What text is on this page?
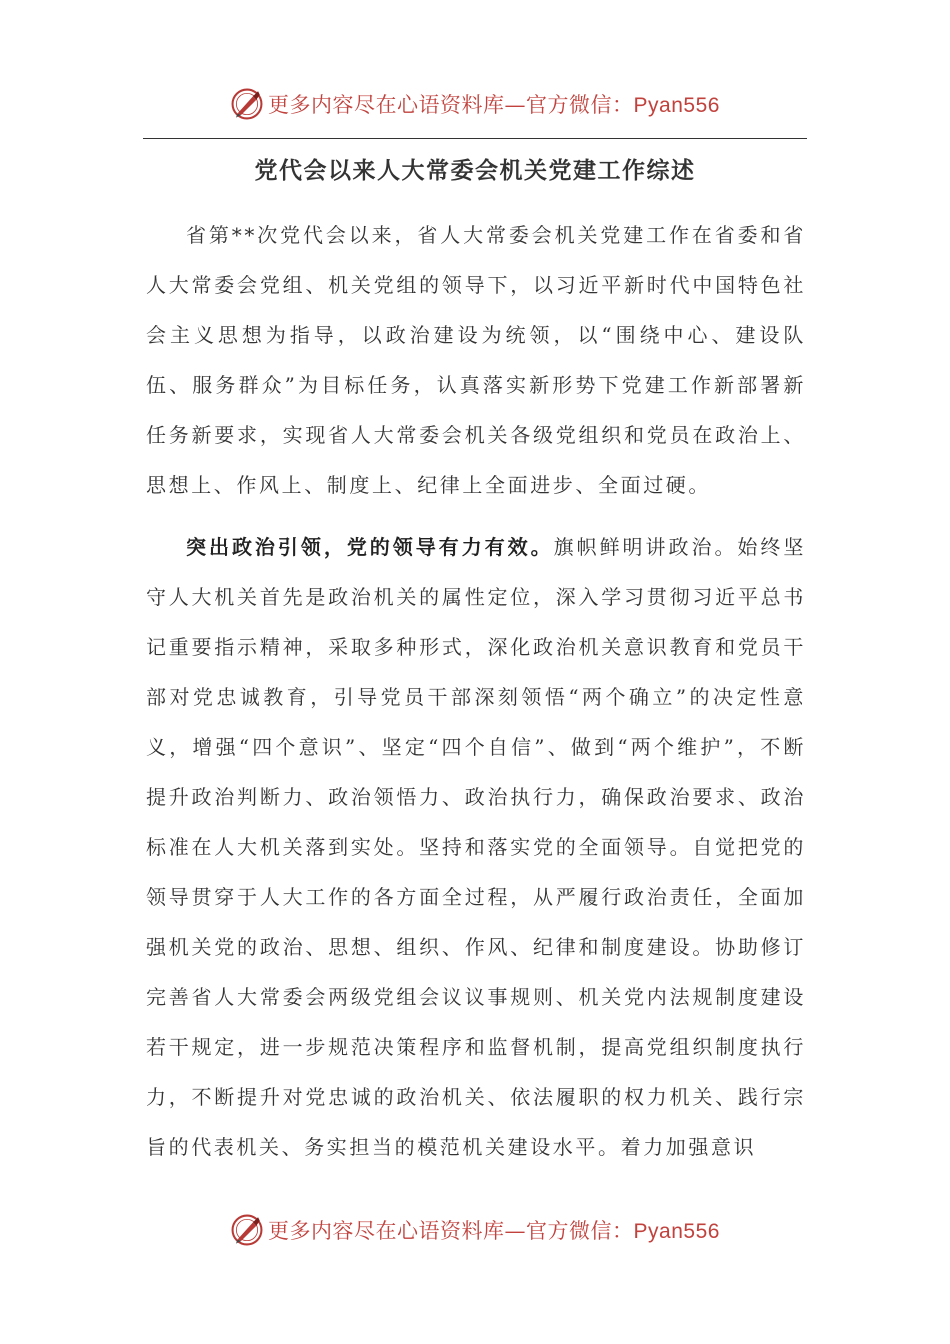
更多内容尽在心语资料库—官方微信：Pyan556
党代会以来人大常委会机关党建工作综述

省第**次党代会以来，省人大常委会机关党建工作在省委和省人大常委会党组、机关党组的领导下，以习近平新时代中国特色社会主义思想为指导，以政治建设为统领，以“围绕中心、建设队伍、服务群众”为目标任务，认真落实新形势下党建工作新部署新任务新要求，实现省人大常委会机关各级党组织和党员在政治上、思想上、作风上、制度上、纪律上全面进步、全面过硬。

突出政治引领，党的领导有力有效。旗帜鲜明讲政治。始终坚守人大机关首先是政治机关的属性定位，深入学习贯彻习近平总书记重要指示精神，采取多种形式，深化政治机关意识教育和党员干部对党忠诚教育，引导党员干部深刻领悟“两个确立”的决定性意义，增强“四个意识”、坚定“四个自信”、做到“两个维护”，不断提升政治判断力、政治领悟力、政治执行力，确保政治要求、政治标准在人大机关落到实处。坚持和落实党的全面领导。自觉把党的领导贯穿于人大工作的各方面全过程，从严履行政治责任，全面加强机关党的政治、思想、组织、作风、纪律和制度建设。协助修订完善省人大常委会两级党组会议议事规则、机关党内法规制度建设若干规定，进一步规范决策程序和监督机制，提高党组织制度执行力，不断提升对党忠诚的政治机关、依法履职的权力机关、践行宗旨的代表机关、务实担当的模范机关建设水平。着力加强意识

更多内容尽在心语资料库—官方微信：Pyan556
